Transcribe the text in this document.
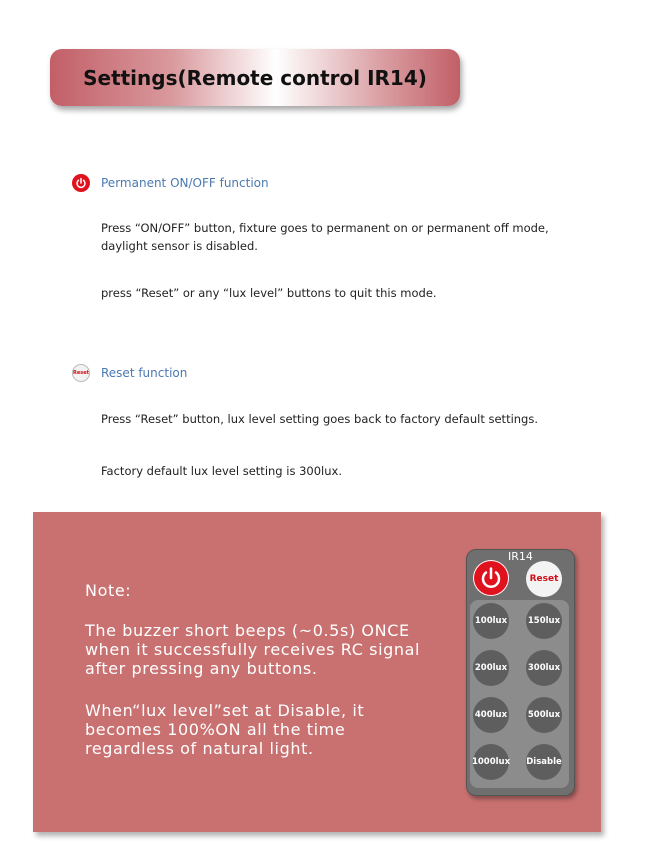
Settings(Remote control IR14)
Permanent ON/OFF function
Press “ON/OFF” button, fixture goes to permanent on or permanent off mode, daylight sensor is disabled.
press “Reset” or any “lux level” buttons to quit this mode.
Reset Reset function
Press “Reset” button, lux level setting goes back to factory default settings.
Factory default lux level setting is 300lux.
Note:
The buzzer short beeps (~0.5s) ONCE when it successfully receives RC signal after pressing any buttons.
When“lux level”set at Disable, it becomes 100%ON all the time regardless of natural light.
IR14
Reset
100lux 150lux
200lux 300lux
400lux 500lux
1000lux Disable
